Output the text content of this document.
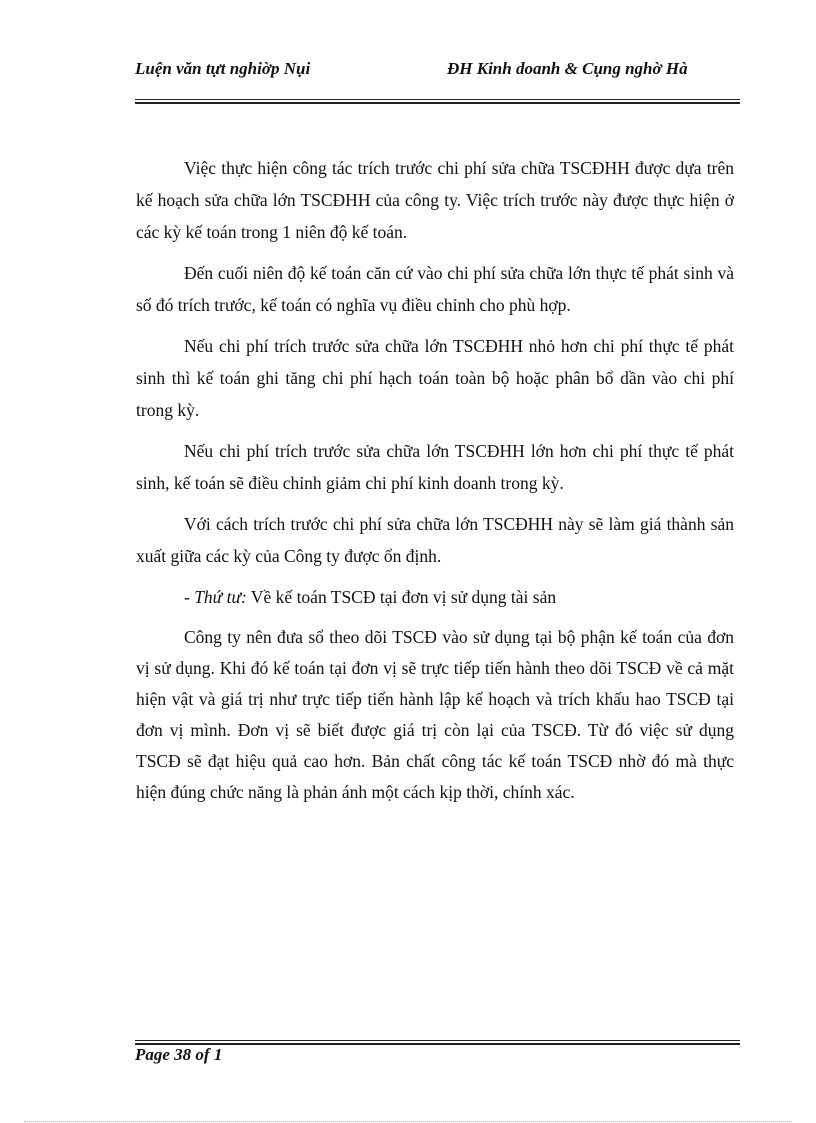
Luện văn tựt nghiờp Nụi	ĐH Kinh doanh & Cụng nghờ Hà

Việc thực hiện công tác trích trước chi phí sửa chữa TSCĐHH được dựa trên kế hoạch sửa chữa lớn TSCĐHH của công ty. Việc trích trước này được thực hiện ở các kỳ kế toán trong 1 niên độ kế toán.

Đến cuối niên độ kế toán căn cứ vào chi phí sửa chữa lớn thực tế phát sinh và số đó trích trước, kế toán có nghĩa vụ điều chỉnh cho phù hợp.

Nếu chi phí trích trước sửa chữa lớn TSCĐHH nhỏ hơn chi phí thực tế phát sinh thì kế toán ghi tăng chi phí hạch toán toàn bộ hoặc phân bổ dần vào chi phí trong kỳ.

Nếu chi phí trích trước sửa chữa lớn TSCĐHH lớn hơn chi phí thực tế phát sinh, kế toán sẽ điều chỉnh giảm chi phí kinh doanh trong kỳ.

Với cách trích trước chi phí sửa chữa lớn TSCĐHH này sẽ làm giá thành sản xuất giữa các kỳ của Công ty được ổn định.

- Thứ tư: Về kế toán TSCĐ tại đơn vị sử dụng tài sản

Công ty nên đưa sổ theo dõi TSCĐ vào sử dụng tại bộ phận kế toán của đơn vị sử dụng. Khi đó kế toán tại đơn vị sẽ trực tiếp tiến hành theo dõi TSCĐ về cả mặt hiện vật và giá trị như trực tiếp tiến hành lập kế hoạch và trích khấu hao TSCĐ tại đơn vị mình. Đơn vị sẽ biết được giá trị còn lại của TSCĐ. Từ đó việc sử dụng TSCĐ sẽ đạt hiệu quả cao hơn. Bản chất công tác kế toán TSCĐ nhờ đó mà thực hiện đúng chức năng là phản ánh một cách kịp thời, chính xác.

Page 38 of 1
